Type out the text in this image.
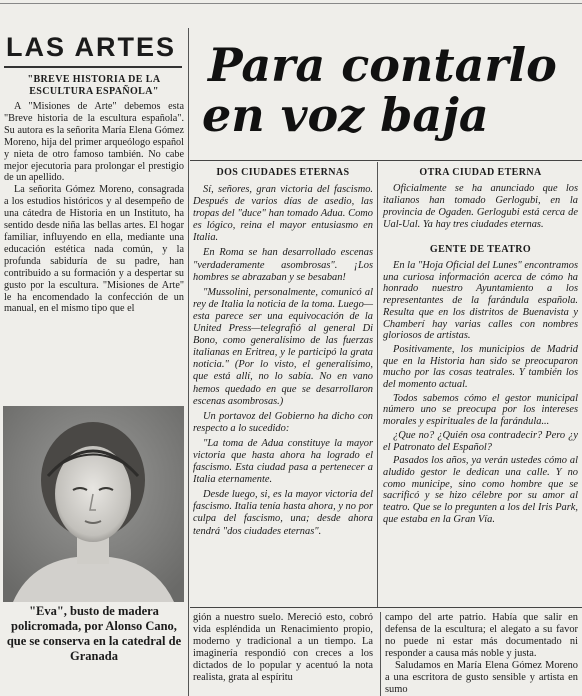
LAS ARTES Para contarlo
en voz baja
"BREVE HISTORIA DE LA ESCULTURA ESPAÑOLA"

A "Misiones de Arte" debemos esta "Breve historia de la escultura española". Su autora es la señorita María Elena Gómez Moreno, hija del primer arqueólogo español y nieta de otro famoso también. No cabe mejor ejecutoria para prolongar el prestigio de un apellido.

La señorita Gómez Moreno, consagrada a los estudios históricos y al desempeño de una cátedra de Historia en un Instituto, ha sentido desde niña las bellas artes. El hogar familiar, influyendo en ella, mediante una educación estética nada común, y la profunda sabiduría de su padre, han contribuido a su formación y a despertar su gusto por la escultura. "Misiones de Arte" le ha encomendado la confección de un manual, en el mismo tipo que el

"Eva", busto de madera policromada, por Alonso Cano, que se conserva en la catedral de Granada
DOS CIUDADES ETERNAS

Sí, señores, gran victoria del fascismo. Después de varios días de asedio, las tropas del "duce" han tomado Adua. Como es lógico, reina el mayor entusiasmo en Italia.

En Roma se han desarrollado escenas "verdaderamente asombrosas". ¡Los hombres se abrazaban y se besaban!

"Mussolini, personalmente, comunicó al rey de Italia la noticia de la toma. Luego—esta parece ser una equivocación de la United Press—telegrafió al general Di Bono, como generalísimo de las fuerzas italianas en Eritrea, y le participó la grata noticia." (Por lo visto, el generalísimo, que está allí, no lo sabía. No en vano hemos quedado en que se desarrollaron escenas asombrosas.)

Un portavoz del Gobierno ha dicho con respecto a lo sucedido:

"La toma de Adua constituye la mayor victoria que hasta ahora ha logrado el fascismo. Esta ciudad pasa a pertenecer a Italia eternamente.

Desde luego, si, es la mayor victoria del fascismo. Italia tenía hasta ahora, y no por culpa del fascismo, una; desde ahora tendrá "dos ciudades eternas".

OTRA CIUDAD ETERNA

Oficialmente se ha anunciado que los italianos han tomado Gerlogubi, en la provincia de Ogaden. Gerlogubi está cerca de Ual-Ual. Ya hay tres ciudades eternas.

GENTE DE TEATRO

En la "Hoja Oficial del Lunes" encontramos una curiosa información acerca de cómo ha honrado nuestro Ayuntamiento a los representantes de la farándula española. Resulta que en los distritos de Buenavista y Chamberí hay varias calles con nombres gloriosos de artistas.

Positivamente, los municipios de Madrid que en la Historia han sido se preocuparon mucho por las cosas teatrales. Y también los del momento actual.

Todos sabemos cómo el gestor municipal número uno se preocupa por los intereses morales y espirituales de la farándula...

¿Que no? ¿Quién osa contradecir? Pero ¿y el Patronato del Español?

Pasados los años, ya verán ustedes cómo al aludido gestor le dedican una calle. Y no como municipe, sino como hombre que se sacrificó y se hizo célebre por su amor al teatro. Que se lo pregunten a los del Iris Park, que estaba en la Gran Vía.

gión a nuestro suelo. Mereció esto, cobró vida espléndida un Renacimiento propio, moderno y tradicional a un tiempo. La imaginería respondió con creces a los dictados de lo popular y acentuó la nota realista, grata al espíritu

campo del arte patrio. Había que salir en defensa de la escultura; el alegato a su favor no puede ni estar más documentado ni responder a causa más noble y justa.

Saludamos en María Elena Gómez Moreno a una escritora de gusto sensible y artista en sumo
